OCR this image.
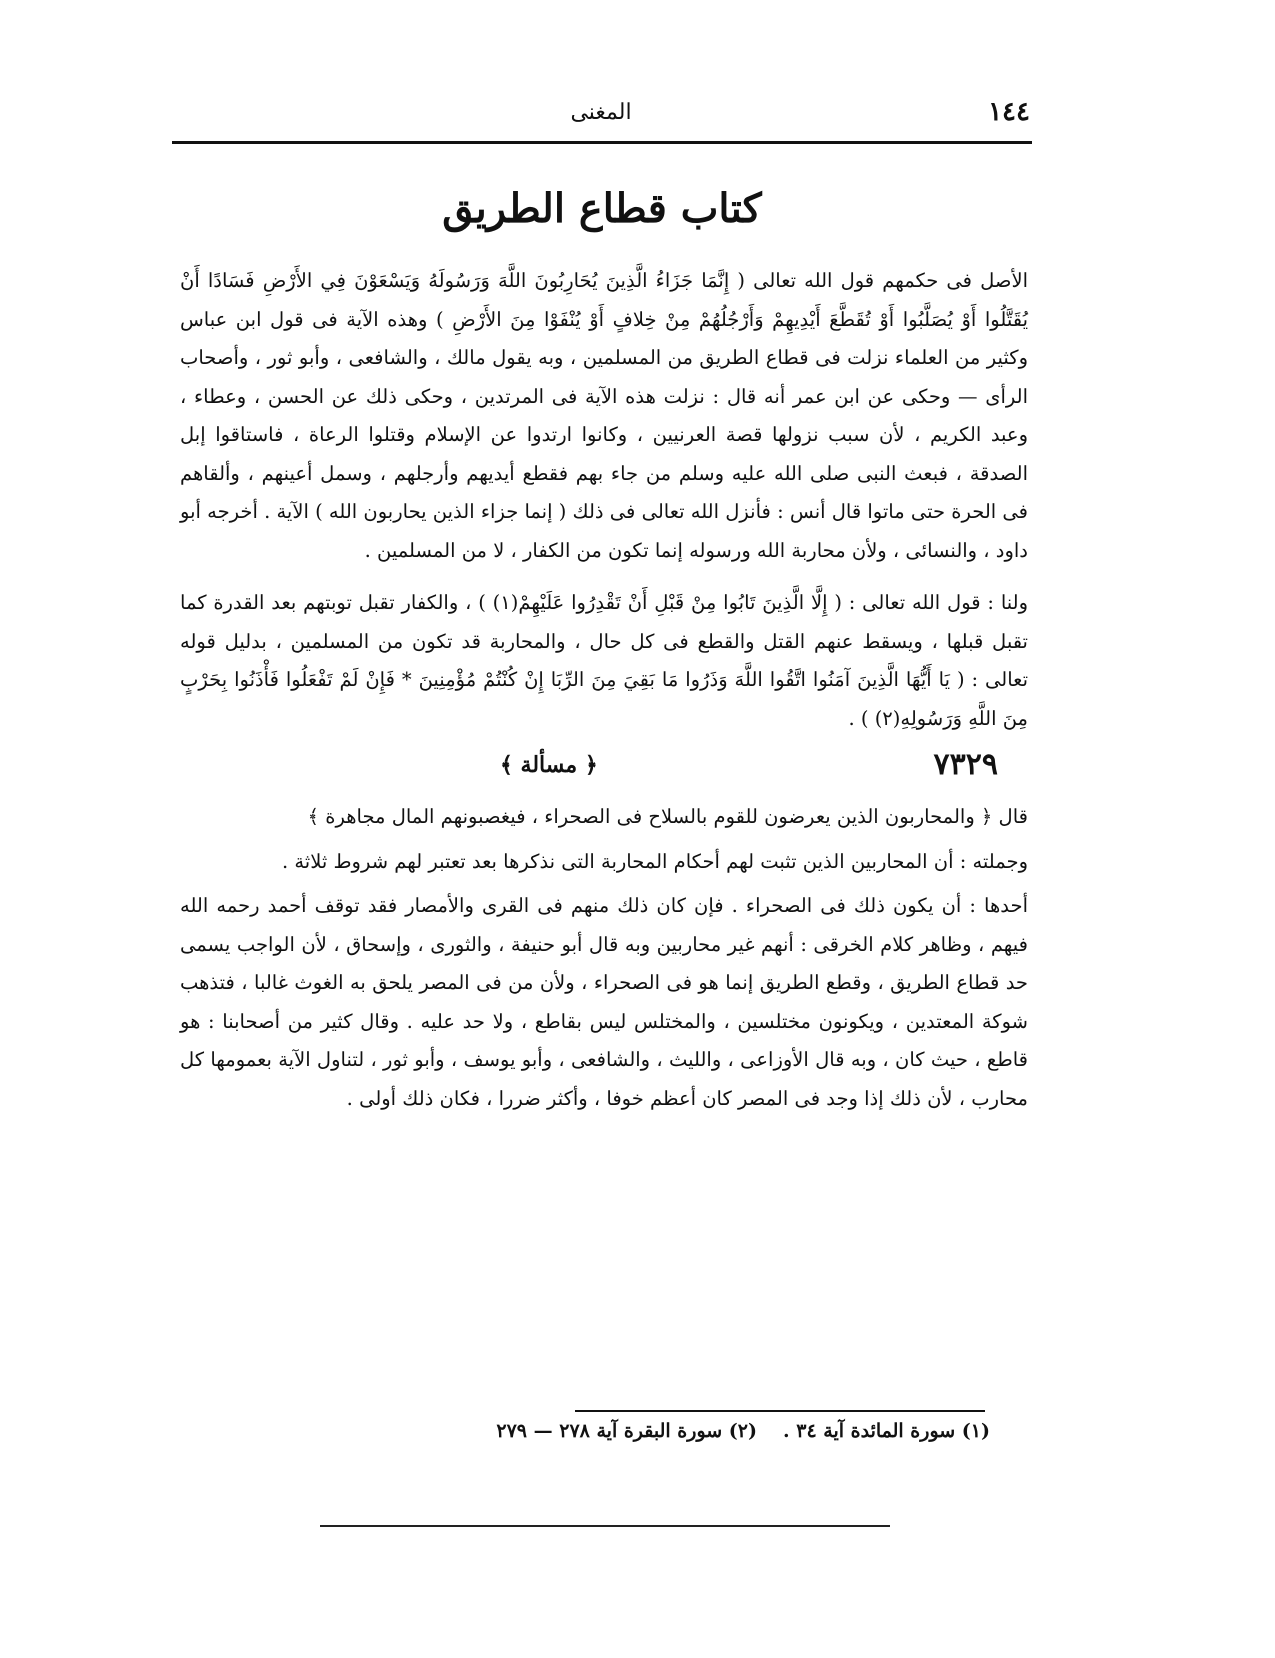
١٤٤
المغنى
كتاب قطاع الطريق

الأصل فى حكمهم قول الله تعالى ( إِنَّمَا جَزَاءُ الَّذِينَ يُحَارِبُونَ اللَّهَ وَرَسُولَهُ وَيَسْعَوْنَ فِي الأَرْضِ فَسَادًا أَنْ يُقَتَّلُوا أَوْ يُصَلَّبُوا أَوْ تُقَطَّعَ أَيْدِيهِمْ وَأَرْجُلُهُمْ مِنْ خِلافٍ أَوْ يُنْفَوْا مِنَ الأَرْضِ ) وهذه الآية فى قول ابن عباس وكثير من العلماء نزلت فى قطاع الطريق من المسلمين ، وبه يقول مالك ، والشافعى ، وأبو ثور ، وأصحاب الرأى — وحكى عن ابن عمر أنه قال : نزلت هذه الآية فى المرتدين ، وحكى ذلك عن الحسن ، وعطاء ، وعبد الكريم ، لأن سبب نزولها قصة العرنيين ، وكانوا ارتدوا عن الإسلام وقتلوا الرعاة ، فاستاقوا إبل الصدقة ، فبعث النبى صلى الله عليه وسلم من جاء بهم فقطع أيديهم وأرجلهم ، وسمل أعينهم ، وألقاهم فى الحرة حتى ماتوا قال أنس : فأنزل الله تعالى فى ذلك ( إنما جزاء الذين يحاربون الله ) الآية . أخرجه أبو داود ، والنسائى ، ولأن محاربة الله ورسوله إنما تكون من الكفار ، لا من المسلمين .

ولنا : قول الله تعالى : ( إِلَّا الَّذِينَ تَابُوا مِنْ قَبْلِ أَنْ تَقْدِرُوا عَلَيْهِمْ(١) ) ، والكفار تقبل توبتهم بعد القدرة كما تقبل قبلها ، ويسقط عنهم القتل والقطع فى كل حال ، والمحاربة قد تكون من المسلمين ، بدليل قوله تعالى : ( يَا أَيُّهَا الَّذِينَ آمَنُوا اتَّقُوا اللَّهَ وَذَرُوا مَا بَقِيَ مِنَ الرِّبَا إِنْ كُنْتُمْ مُؤْمِنِينَ * فَإِنْ لَمْ تَفْعَلُوا فَأْذَنُوا بِحَرْبٍ مِنَ اللَّهِ وَرَسُولِهِ(٢) ) .

٧٣٢٩
﴿ مسألة ﴾

قال ﴿ والمحاربون الذين يعرضون للقوم بالسلاح فى الصحراء ، فيغصبونهم المال مجاهرة ﴾

وجملته : أن المحاربين الذين تثبت لهم أحكام المحاربة التى نذكرها بعد تعتبر لهم شروط ثلاثة .

أحدها : أن يكون ذلك فى الصحراء . فإن كان ذلك منهم فى القرى والأمصار فقد توقف أحمد رحمه الله فيهم ، وظاهر كلام الخرقى : أنهم غير محاربين وبه قال أبو حنيفة ، والثورى ، وإسحاق ، لأن الواجب يسمى حد قطاع الطريق ، وقطع الطريق إنما هو فى الصحراء ، ولأن من فى المصر يلحق به الغوث غالبا ، فتذهب شوكة المعتدين ، ويكونون مختلسين ، والمختلس ليس بقاطع ، ولا حد عليه . وقال كثير من أصحابنا : هو قاطع ، حيث كان ، وبه قال الأوزاعى ، والليث ، والشافعى ، وأبو يوسف ، وأبو ثور ، لتناول الآية بعمومها كل محارب ، لأن ذلك إذا وجد فى المصر كان أعظم خوفا ، وأكثر ضررا ، فكان ذلك أولى .

(١) سورة المائدة آية ٣٤ .
(٢) سورة البقرة آية ٢٧٨ — ٢٧٩
